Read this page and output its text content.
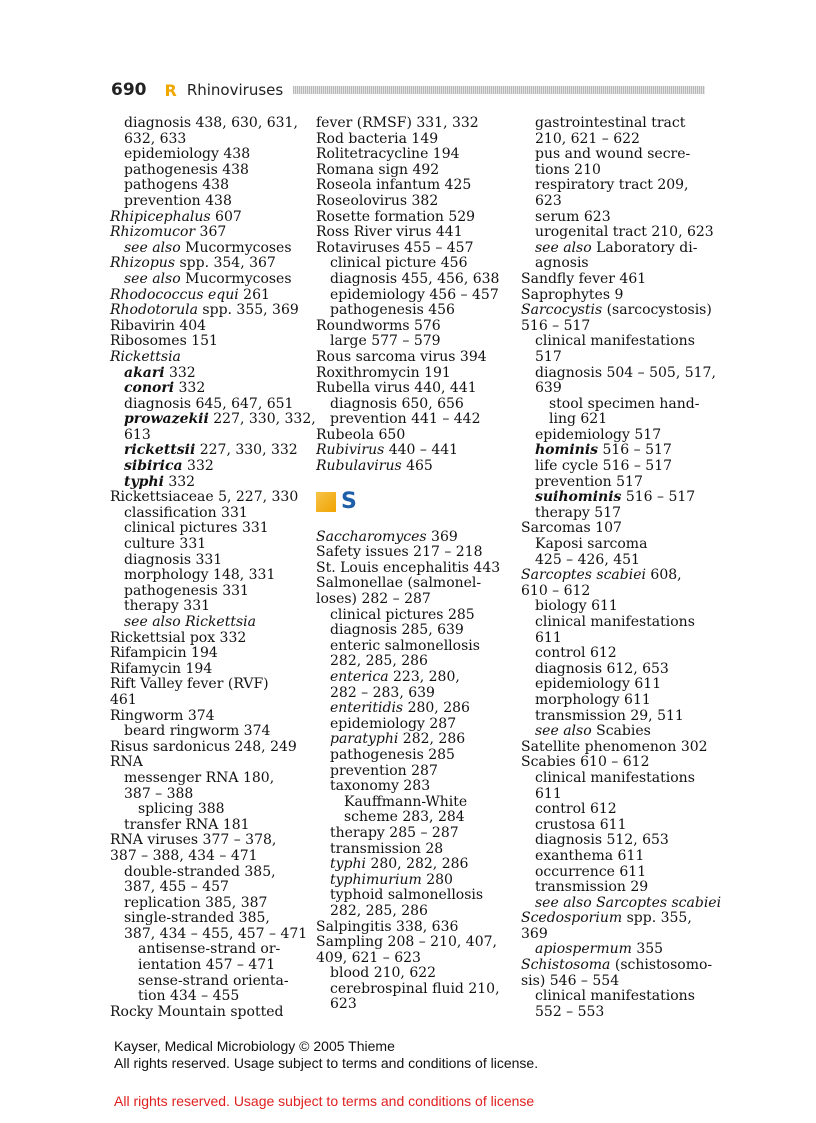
690 R Rhinoviruses
diagnosis 438, 630, 631,
632, 633
epidemiology 438
pathogenesis 438
pathogens 438
prevention 438
Rhipicephalus 607
Rhizomucor 367
see also Mucormycoses
Rhizopus spp. 354, 367
see also Mucormycoses
Rhodococcus equi 261
Rhodotorula spp. 355, 369
Ribavirin 404
Ribosomes 151
Rickettsia
akari 332
conori 332
diagnosis 645, 647, 651
prowazekii 227, 330, 332,
613
rickettsii 227, 330, 332
sibirica 332
typhi 332
Rickettsiaceae 5, 227, 330
classification 331
clinical pictures 331
culture 331
diagnosis 331
morphology 148, 331
pathogenesis 331
therapy 331
see also Rickettsia
Rickettsial pox 332
Rifampicin 194
Rifamycin 194
Rift Valley fever (RVF)
461
Ringworm 374
beard ringworm 374
Risus sardonicus 248, 249
RNA
messenger RNA 180,
387 – 388
splicing 388
transfer RNA 181
RNA viruses 377 – 378,
387 – 388, 434 – 471
double-stranded 385,
387, 455 – 457
replication 385, 387
single-stranded 385,
387, 434 – 455, 457 – 471
antisense-strand or-
ientation 457 – 471
sense-strand orienta-
tion 434 – 455
Rocky Mountain spotted
fever (RMSF) 331, 332
Rod bacteria 149
Rolitetracycline 194
Romana sign 492
Roseola infantum 425
Roseolovirus 382
Rosette formation 529
Ross River virus 441
Rotaviruses 455 – 457
clinical picture 456
diagnosis 455, 456, 638
epidemiology 456 – 457
pathogenesis 456
Roundworms 576
large 577 – 579
Rous sarcoma virus 394
Roxithromycin 191
Rubella virus 440, 441
diagnosis 650, 656
prevention 441 – 442
Rubeola 650
Rubivirus 440 – 441
Rubulavirus 465
S
Saccharomyces 369
Safety issues 217 – 218
St. Louis encephalitis 443
Salmonellae (salmonel-
loses) 282 – 287
clinical pictures 285
diagnosis 285, 639
enteric salmonellosis
282, 285, 286
enterica 223, 280,
282 – 283, 639
enteritidis 280, 286
epidemiology 287
paratyphi 282, 286
pathogenesis 285
prevention 287
taxonomy 283
Kauffmann-White
scheme 283, 284
therapy 285 – 287
transmission 28
typhi 280, 282, 286
typhimurium 280
typhoid salmonellosis
282, 285, 286
Salpingitis 338, 636
Sampling 208 – 210, 407,
409, 621 – 623
blood 210, 622
cerebrospinal fluid 210,
623
gastrointestinal tract
210, 621 – 622
pus and wound secre-
tions 210
respiratory tract 209,
623
serum 623
urogenital tract 210, 623
see also Laboratory di-
agnosis
Sandfly fever 461
Saprophytes 9
Sarcocystis (sarcocystosis)
516 – 517
clinical manifestations
517
diagnosis 504 – 505, 517,
639
stool specimen hand-
ling 621
epidemiology 517
hominis 516 – 517
life cycle 516 – 517
prevention 517
suihominis 516 – 517
therapy 517
Sarcomas 107
Kaposi sarcoma
425 – 426, 451
Sarcoptes scabiei 608,
610 – 612
biology 611
clinical manifestations
611
control 612
diagnosis 612, 653
epidemiology 611
morphology 611
transmission 29, 511
see also Scabies
Satellite phenomenon 302
Scabies 610 – 612
clinical manifestations
611
control 612
crustosa 611
diagnosis 512, 653
exanthema 611
occurrence 611
transmission 29
see also Sarcoptes scabiei
Scedosporium spp. 355,
369
apiospermum 355
Schistosoma (schistosomo-
sis) 546 – 554
clinical manifestations
552 – 553
Kayser, Medical Microbiology © 2005 Thieme
All rights reserved. Usage subject to terms and conditions of license.
All rights reserved. Usage subject to terms and conditions of license
